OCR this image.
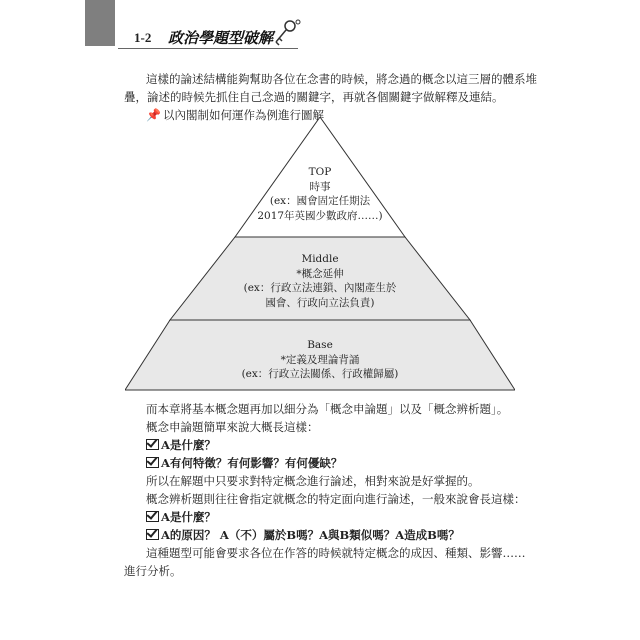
1-2 政治學題型破解
這樣的論述結構能夠幫助各位在念書的時候，將念過的概念以這三層的體系堆
疊，論述的時候先抓住自己念過的關鍵字，再就各個關鍵字做解釋及連結。
📌 以內閣制如何運作為例進行圖解
TOP
時事
(ex：國會固定任期法
2017年英國少數政府……)
Middle
*概念延伸
(ex：行政立法連鎖、內閣產生於
國會、行政向立法負責)
Base
*定義及理論背誦
(ex：行政立法關係、行政權歸屬)
而本章將基本概念題再加以細分為「概念申論題」以及「概念辨析題」。
概念申論題簡單來說大概長這樣：
A是什麼？
A有何特徵？有何影響？有何優缺？
所以在解題中只要求對特定概念進行論述，相對來說是好掌握的。
概念辨析題則往往會指定就概念的特定面向進行論述，一般來說會長這樣：
A是什麼？
A的原因？ A（不）屬於B嗎？A與B類似嗎？A造成B嗎？
這種題型可能會要求各位在作答的時候就特定概念的成因、種類、影響……
進行分析。
